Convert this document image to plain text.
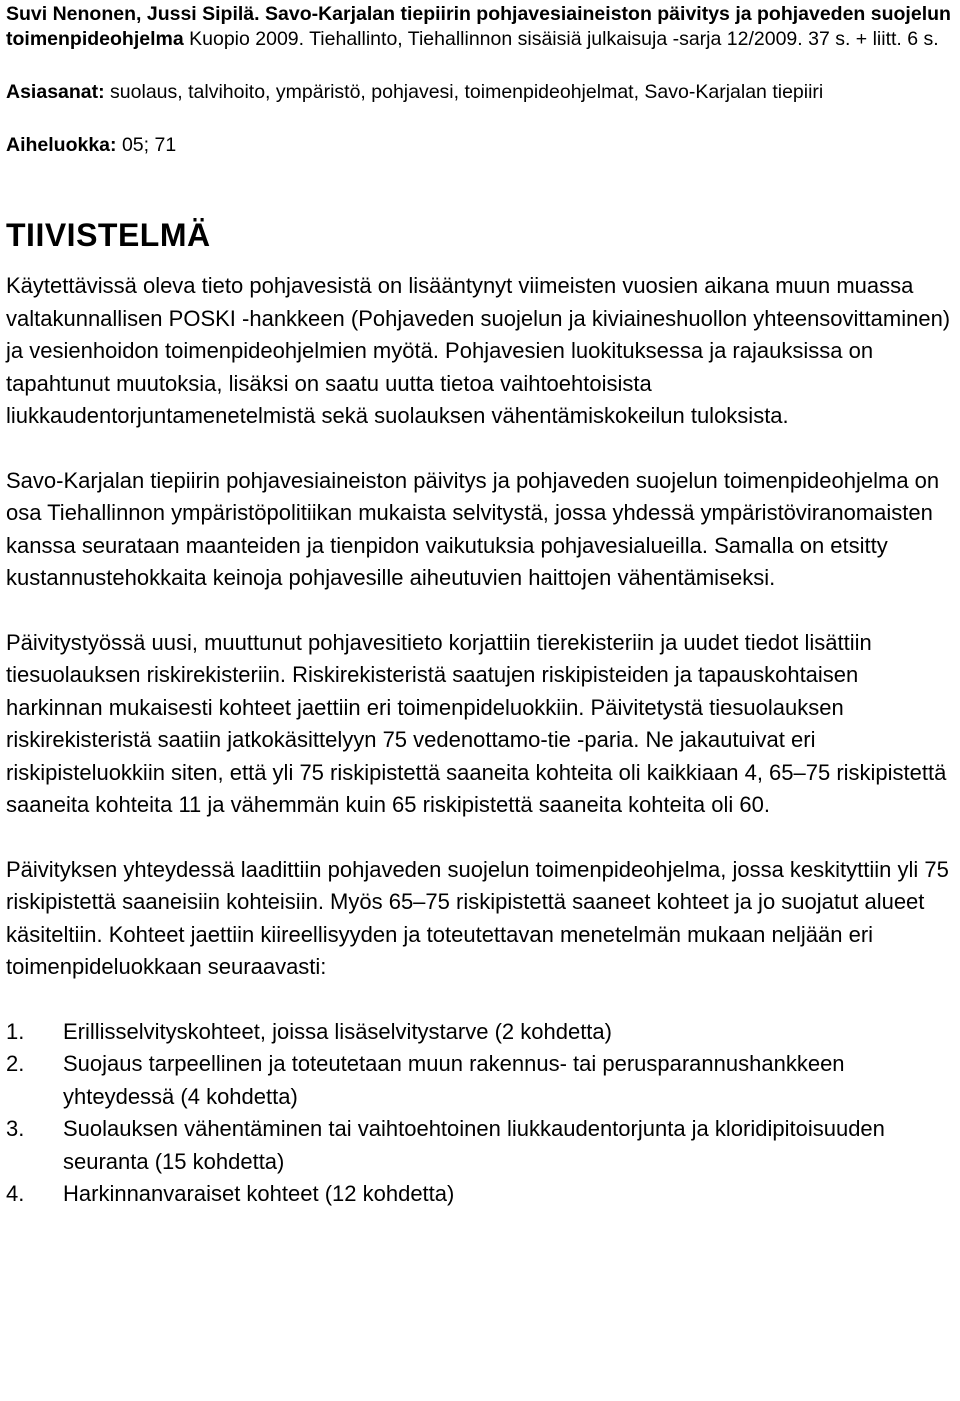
Suvi Nenonen, Jussi Sipilä. Savo-Karjalan tiepiirin pohjavesiaineiston päivitys ja pohjaveden suojelun toimenpideohjelma Kuopio 2009. Tiehallinto, Tiehallinnon sisäisiä julkaisuja -sarja 12/2009. 37 s. + liitt. 6 s.

Asiasanat: suolaus, talvihoito, ympäristö, pohjavesi, toimenpideohjelmat, Savo-Karjalan tiepiiri

Aiheluokka: 05; 71

TIIVISTELMÄ

Käytettävissä oleva tieto pohjavesistä on lisääntynyt viimeisten vuosien aikana muun muassa valtakunnallisen POSKI -hankkeen (Pohjaveden suojelun ja kiviaineshuollon yhteensovittaminen) ja vesienhoidon toimenpideohjelmien myötä. Pohjavesien luokituksessa ja rajauksissa on tapahtunut muutoksia, lisäksi on saatu uutta tietoa vaihtoehtoisista liukkaudentorjuntamenetelmistä sekä suolauksen vähentämiskokeilun tuloksista.

Savo-Karjalan tiepiirin pohjavesiaineiston päivitys ja pohjaveden suojelun toimenpideohjelma on osa Tiehallinnon ympäristöpolitiikan mukaista selvitystä, jossa yhdessä ympäristöviranomaisten kanssa seurataan maanteiden ja tienpidon vaikutuksia pohjavesialueilla. Samalla on etsitty kustannustehokkaita keinoja pohjavesille aiheutuvien haittojen vähentämiseksi.

Päivitystyössä uusi, muuttunut pohjavesitieto korjattiin tierekisteriin ja uudet tiedot lisättiin tiesuolauksen riskirekisteriin. Riskirekisteristä saatujen riskipisteiden ja tapauskohtaisen harkinnan mukaisesti kohteet jaettiin eri toimenpideluokkiin. Päivitetystä tiesuolauksen riskirekisteristä saatiin jatkokäsittelyyn 75 vedenottamo-tie -paria. Ne jakautuivat eri riskipisteluokkiin siten, että yli 75 riskipistettä saaneita kohteita oli kaikkiaan 4, 65–75 riskipistettä saaneita kohteita 11 ja vähemmän kuin 65 riskipistettä saaneita kohteita oli 60.

Päivityksen yhteydessä laadittiin pohjaveden suojelun toimenpideohjelma, jossa keskityttiin yli 75 riskipistettä saaneisiin kohteisiin. Myös 65–75 riskipistettä saaneet kohteet ja jo suojatut alueet käsiteltiin. Kohteet jaettiin kiireellisyyden ja toteutettavan menetelmän mukaan neljään eri toimenpideluokkaan seuraavasti:

1.	Erillisselvityskohteet, joissa lisäselvitystarve (2 kohdetta)
2.	Suojaus tarpeellinen ja toteutetaan muun rakennus- tai perusparannushankkeen yhteydessä (4 kohdetta)
3.	Suolauksen vähentäminen tai vaihtoehtoinen liukkaudentorjunta ja kloridipitoisuuden seuranta (15 kohdetta)
4.	Harkinnanvaraiset kohteet (12 kohdetta)
